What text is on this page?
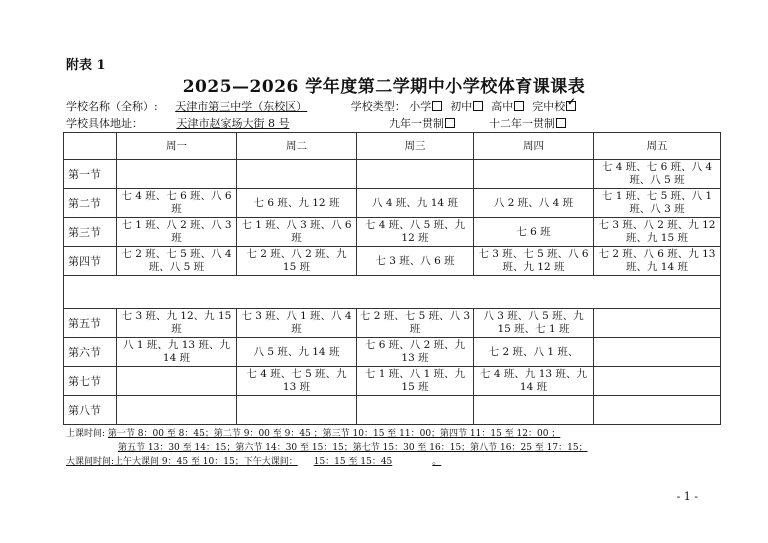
附表 1
2025—2026 学年度第二学期中小学校体育课课表
学校名称（全称）: 天津市第三中学（东校区）	学校类型： 小学 初中 高中 完中校✓
学校具体地址：	天津市赵家场大街 8 号	九年一贯制	十二年一贯制
	周一	周二	周三	周四	周五
第一节					七 4 班、七 6 班、八 4 班、八 5 班
第二节	七 4 班、七 6 班、八 6 班	七 6 班、九 12 班	八 4 班、九 14 班	八 2 班、八 4 班	七 1 班、七 5 班、八 1 班、八 3 班
第三节	七 1 班、八 2 班、八 3 班	七 1 班、八 3 班、八 6 班	七 4 班、八 5 班、九 12 班	七 6 班	七 3 班、八 2 班、九 12 班、九 15 班
第四节	七 2 班、七 5 班、八 4 班、八 5 班	七 2 班、八 2 班、九 15 班	七 3 班、八 6 班	七 3 班、七 5 班、八 6 班、九 12 班	七 2 班、八 6 班、九 13 班、九 14 班

第五节	七 3 班、九 12、九 15 班	七 3 班、八 1 班、八 4 班	七 2 班、七 5 班、八 3 班	八 3 班、八 5 班、九 15 班、七 1 班	
第六节	八 1 班、九 13 班、九 14 班	八 5 班、九 14 班	七 6 班、八 2 班、九 13 班	七 2 班、八 1 班、	
第七节		七 4 班、七 5 班、九 13 班	七 1 班、八 1 班、九 15 班	七 4 班、九 13 班、九 14 班	
第八节					
上课时间: 第一节 8：00 至 8：45；第二节 9：00 至 9：45 ；第三节 10：15 至 11：00；第四节 11：15 至 12：00 ；
第五节 13：30 至 14：15；第六节 14：30 至 15：15；第七节 15：30 至 16：15；第八节 16：25 至 17：15；
大课间时间:上午大课间 9：45 至 10：15；下午大课间： 15：15 至 15：45	。
- 1 -
